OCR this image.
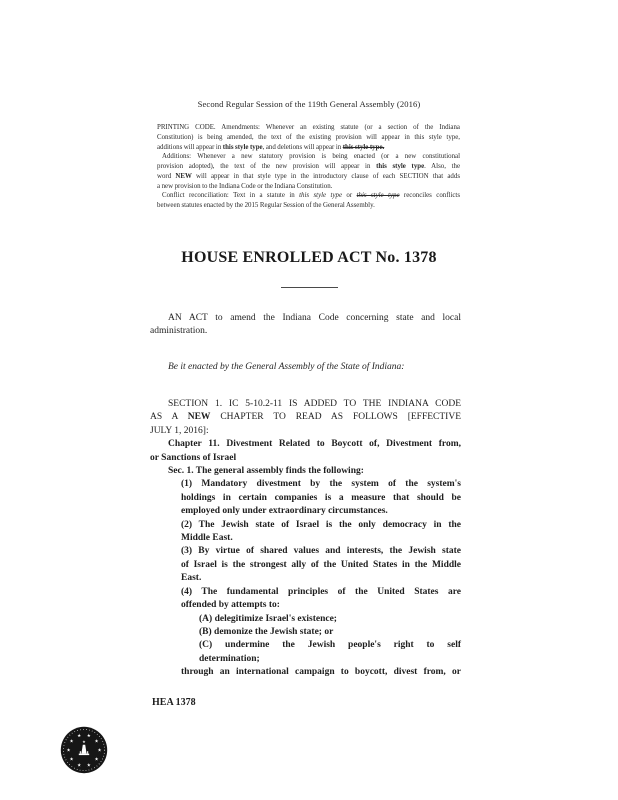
Second Regular Session of the 119th General Assembly (2016)
PRINTING CODE. Amendments: Whenever an existing statute (or a section of the Indiana
Constitution) is being amended, the text of the existing provision will appear in this style type,
additions will appear in this style type, and deletions will appear in this style type.
Additions: Whenever a new statutory provision is being enacted (or a new constitutional
provision adopted), the text of the new provision will appear in this style type. Also, the
word NEW will appear in that style type in the introductory clause of each SECTION that adds
a new provision to the Indiana Code or the Indiana Constitution.
Conflict reconciliation: Text in a statute in this style type or this style type reconciles conflicts
between statutes enacted by the 2015 Regular Session of the General Assembly.
HOUSE ENROLLED ACT No. 1378
AN ACT to amend the Indiana Code concerning state and local
administration.
Be it enacted by the General Assembly of the State of Indiana:
SECTION 1. IC 5-10.2-11 IS ADDED TO THE INDIANA CODE
AS A NEW CHAPTER TO READ AS FOLLOWS [EFFECTIVE
JULY 1, 2016]:
Chapter 11. Divestment Related to Boycott of, Divestment from,
or Sanctions of Israel
Sec. 1. The general assembly finds the following:
(1) Mandatory divestment by the system of the system's
holdings in certain companies is a measure that should be
employed only under extraordinary circumstances.
(2) The Jewish state of Israel is the only democracy in the
Middle East.
(3) By virtue of shared values and interests, the Jewish state
of Israel is the strongest ally of the United States in the Middle
East.
(4) The fundamental principles of the United States are
offended by attempts to:
(A) delegitimize Israel's existence;
(B) demonize the Jewish state; or
(C) undermine the Jewish people's right to self
determination;
through an international campaign to boycott, divest from, or
HEA 1378
★
★
★
★
★
★
★
★ ★
★
★
